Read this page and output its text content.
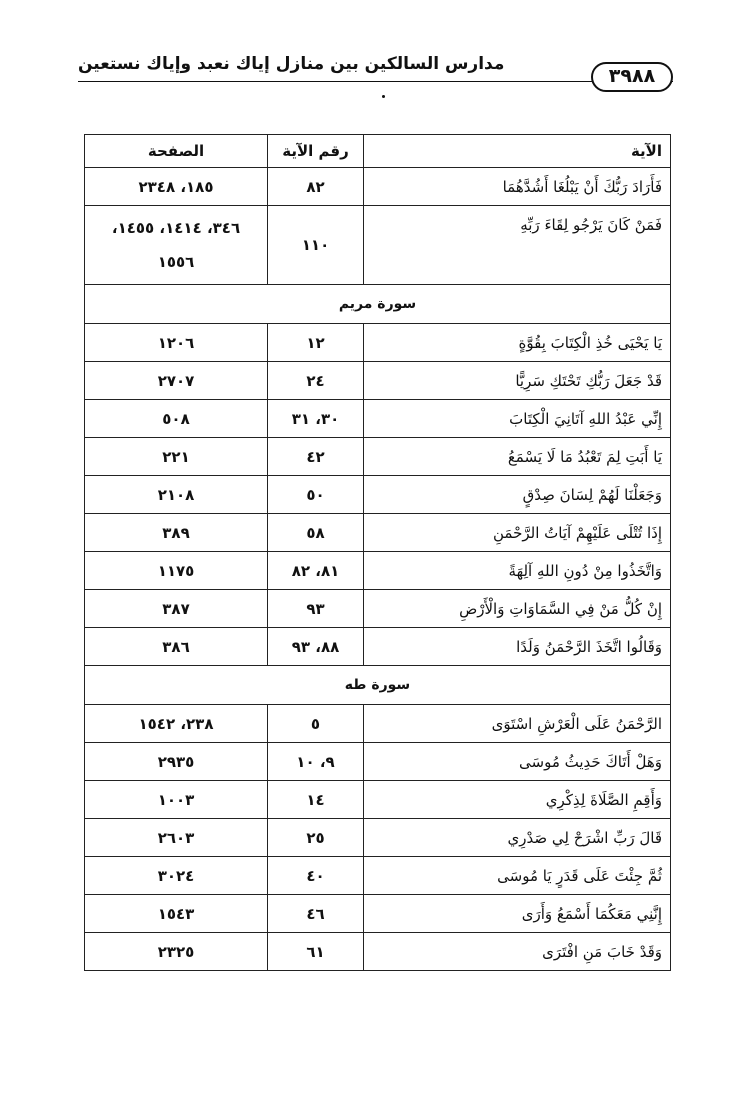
مدارس السالكين بين منازل إياك نعبد وإياك نستعين
٣٩٨٨
الآية	رقم الآية	الصفحة
فَأَرَادَ رَبُّكَ أَنْ يَبْلُغَا أَشُدَّهُمَا	٨٢	١٨٥، ٢٣٤٨
فَمَنْ كَانَ يَرْجُو لِقَاءَ رَبِّهِ	١١٠	٣٤٦، ١٤١٤، ١٤٥٥،
١٥٥٦

سورة مريم		
يَا يَحْيَى خُذِ الْكِتَابَ بِقُوَّةٍ	١٢	١٢٠٦
قَدْ جَعَلَ رَبُّكِ تَحْتَكِ سَرِيًّا	٢٤	٢٧٠٧
إِنِّي عَبْدُ اللهِ آتَانِيَ الْكِتَابَ	٣٠، ٣١	٥٠٨
يَا أَبَتِ لِمَ تَعْبُدُ مَا لَا يَسْمَعُ	٤٢	٢٢١
وَجَعَلْنَا لَهُمْ لِسَانَ صِدْقٍ	٥٠	٢١٠٨
إِذَا تُتْلَى عَلَيْهِمْ آيَاتُ الرَّحْمَنِ	٥٨	٣٨٩
وَاتَّخَذُوا مِنْ دُونِ اللهِ آلِهَةً	٨١، ٨٢	١١٧٥
إِنْ كُلُّ مَنْ فِي السَّمَاوَاتِ وَالْأَرْضِ	٩٣	٣٨٧
وَقَالُوا اتَّخَذَ الرَّحْمَنُ وَلَدًا	٨٨، ٩٣	٣٨٦
سورة طه		
الرَّحْمَنُ عَلَى الْعَرْشِ اسْتَوَى	٥	٢٣٨، ١٥٤٢
وَهَلْ أَتَاكَ حَدِيثُ مُوسَى	٩، ١٠	٢٩٣٥
وَأَقِمِ الصَّلَاةَ لِذِكْرِي	١٤	١٠٠٣
قَالَ رَبِّ اشْرَحْ لِي صَدْرِي	٢٥	٢٦٠٣
ثُمَّ جِئْتَ عَلَى قَدَرٍ يَا مُوسَى	٤٠	٣٠٢٤
إِنَّنِي مَعَكُمَا أَسْمَعُ وَأَرَى	٤٦	١٥٤٣
وَقَدْ خَابَ مَنِ افْتَرَى	٦١	٢٣٢٥
